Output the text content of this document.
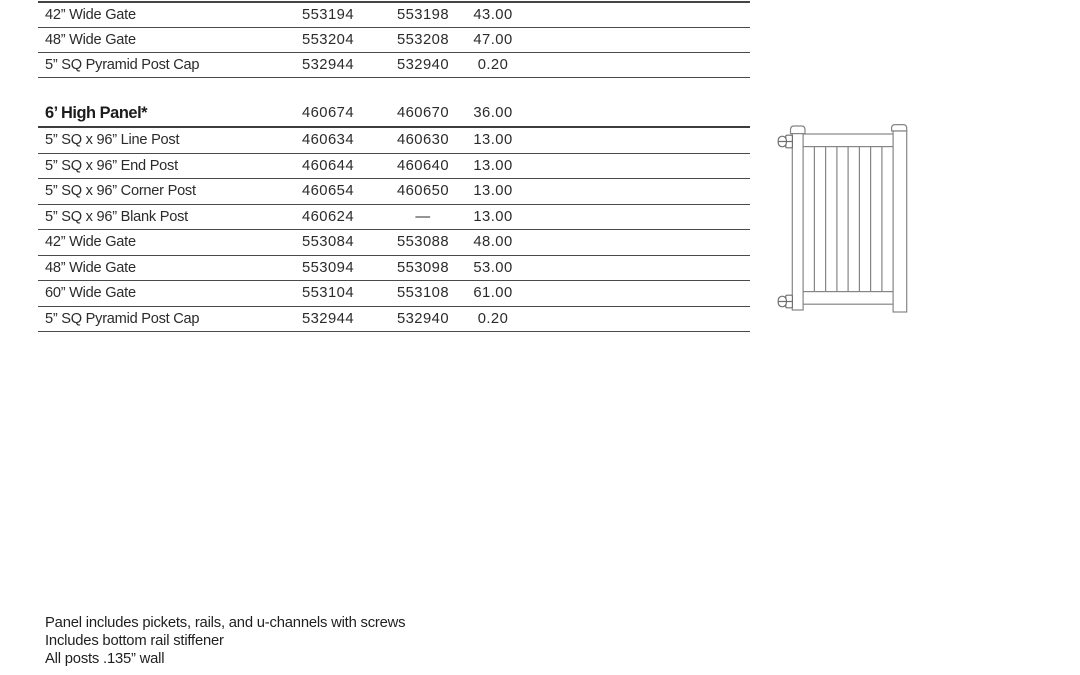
42” Wide Gate	553194	553198	43.00
48” Wide Gate	553204	553208	47.00
5” SQ Pyramid Post Cap	532944	532940	0.20
6’ High Panel*	460674	460670	36.00
5” SQ x 96” Line Post	460634	460630	13.00
5” SQ x 96” End Post	460644	460640	13.00
5” SQ x 96” Corner Post	460654	460650	13.00
5” SQ x 96” Blank Post	460624	—	13.00
42” Wide Gate	553084	553088	48.00
48” Wide Gate	553094	553098	53.00
60” Wide Gate	553104	553108	61.00
5” SQ Pyramid Post Cap	532944	532940	0.20
Panel includes pickets, rails, and u-channels with screws
Includes bottom rail stiffener
All posts .135” wall
